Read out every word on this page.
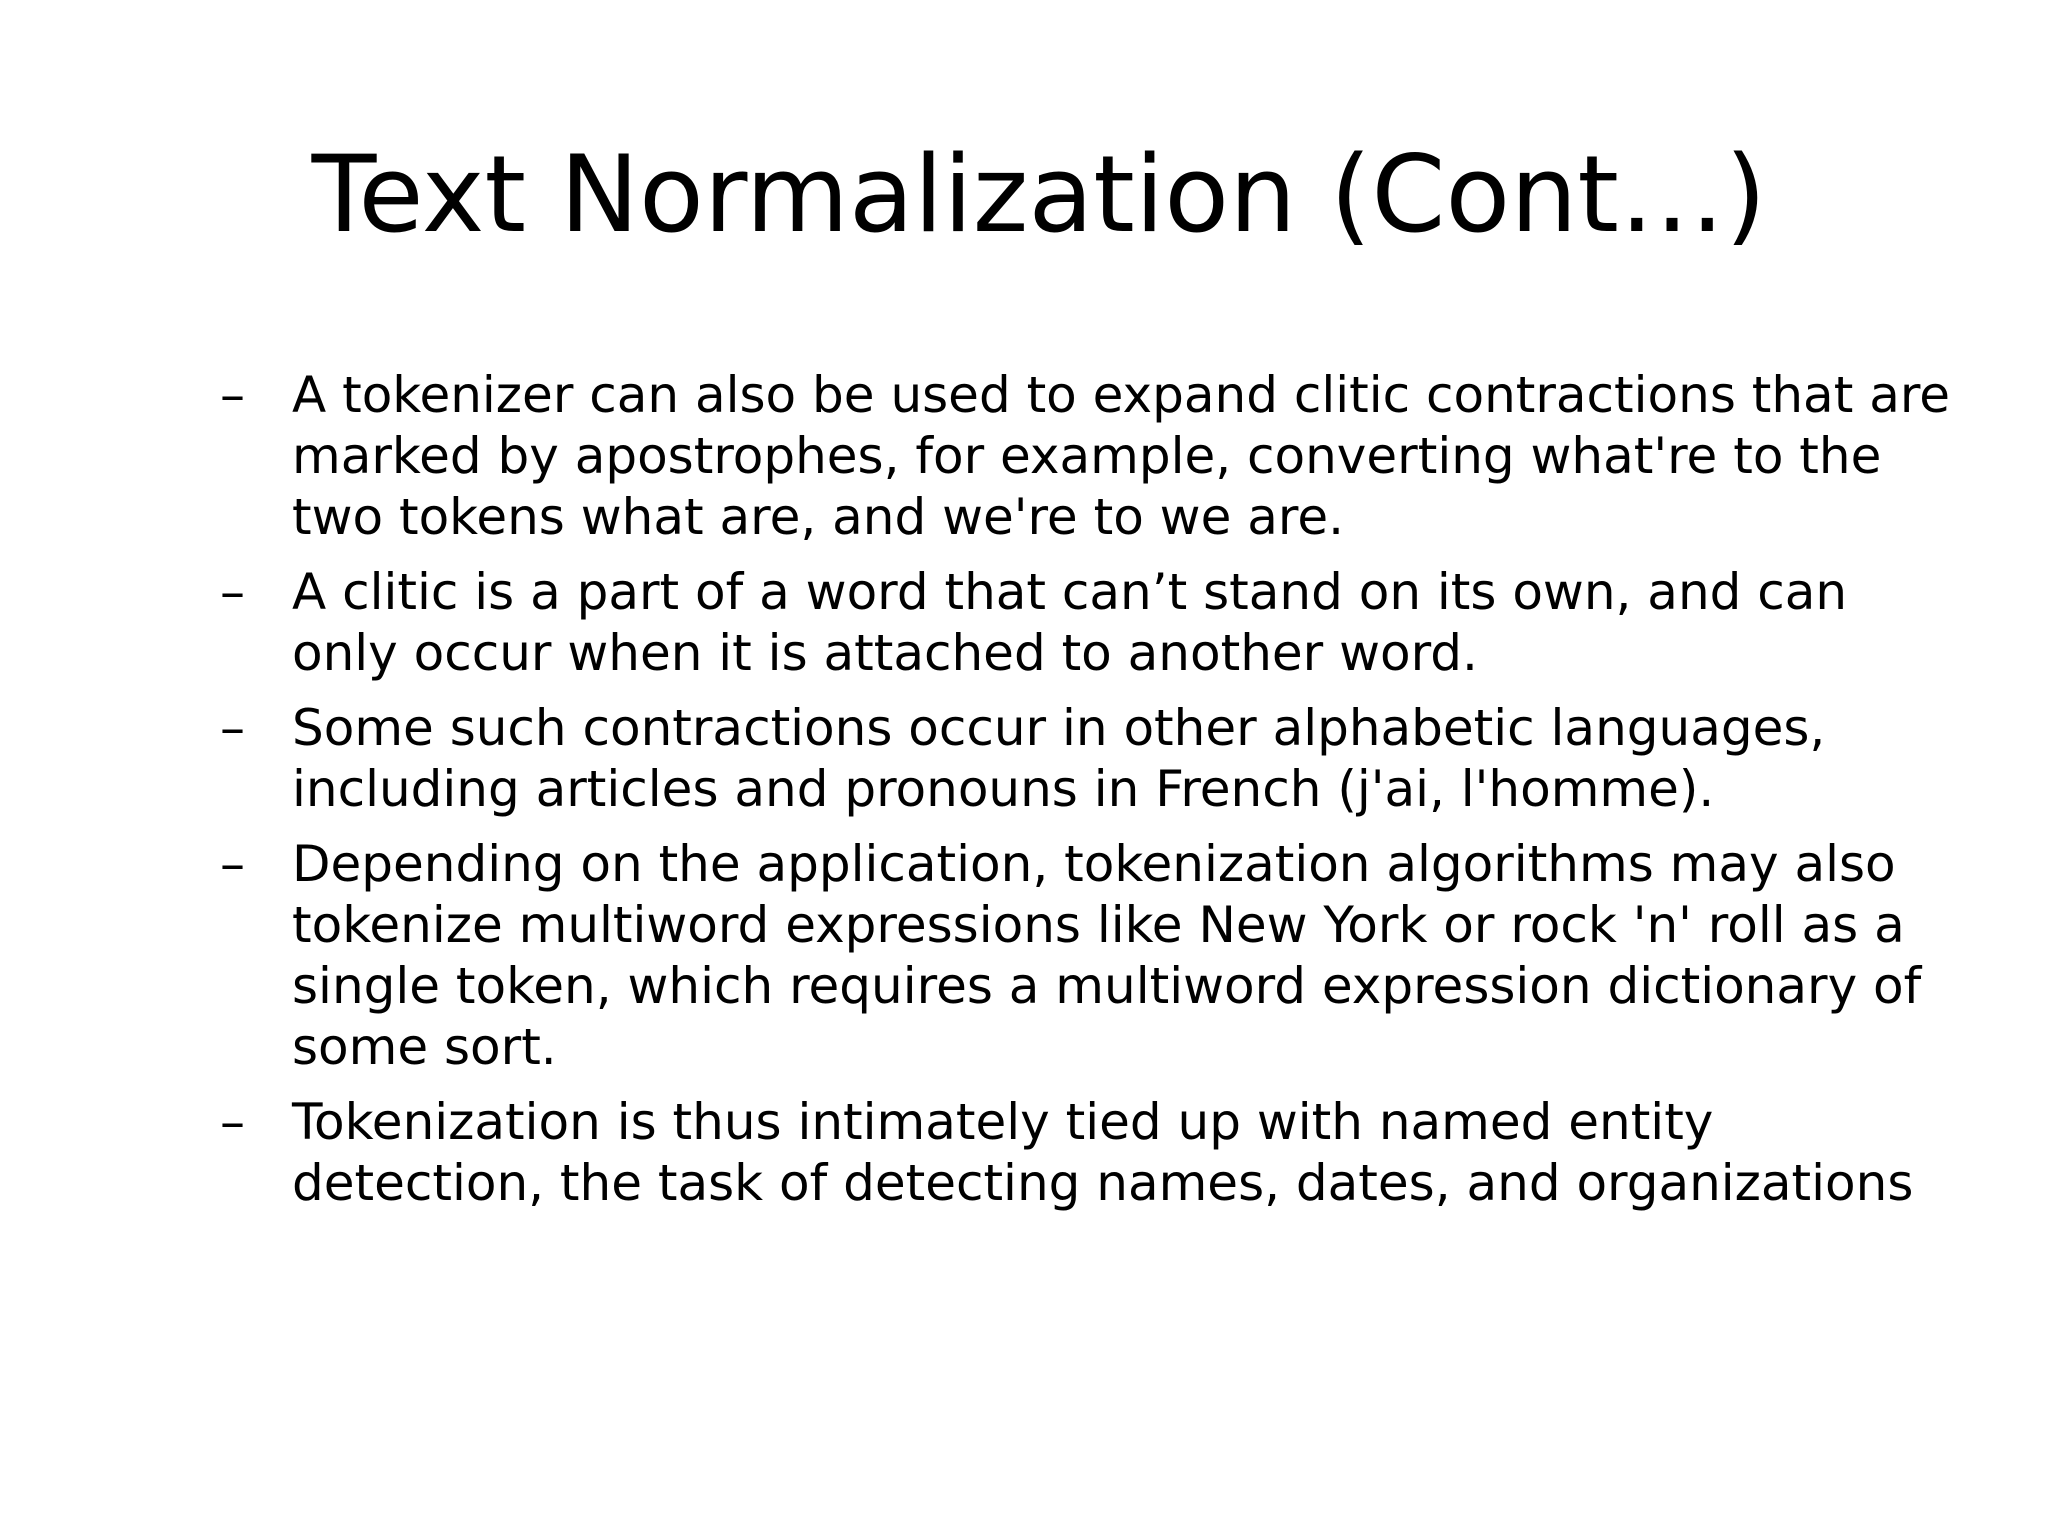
Text Normalization (Cont…)
– A tokenizer can also be used to expand clitic contractions that are marked by apostrophes, for example, converting what're to the two tokens what are, and we're to we are.
– A clitic is a part of a word that can’t stand on its own, and can only occur when it is attached to another word.
– Some such contractions occur in other alphabetic languages, including articles and pronouns in French (j'ai, l'homme).
– Depending on the application, tokenization algorithms may also tokenize multiword expressions like New York or rock 'n' roll as a single token, which requires a multiword expression dictionary of some sort.
– Tokenization is thus intimately tied up with named entity detection, the task of detecting names, dates, and organizations
